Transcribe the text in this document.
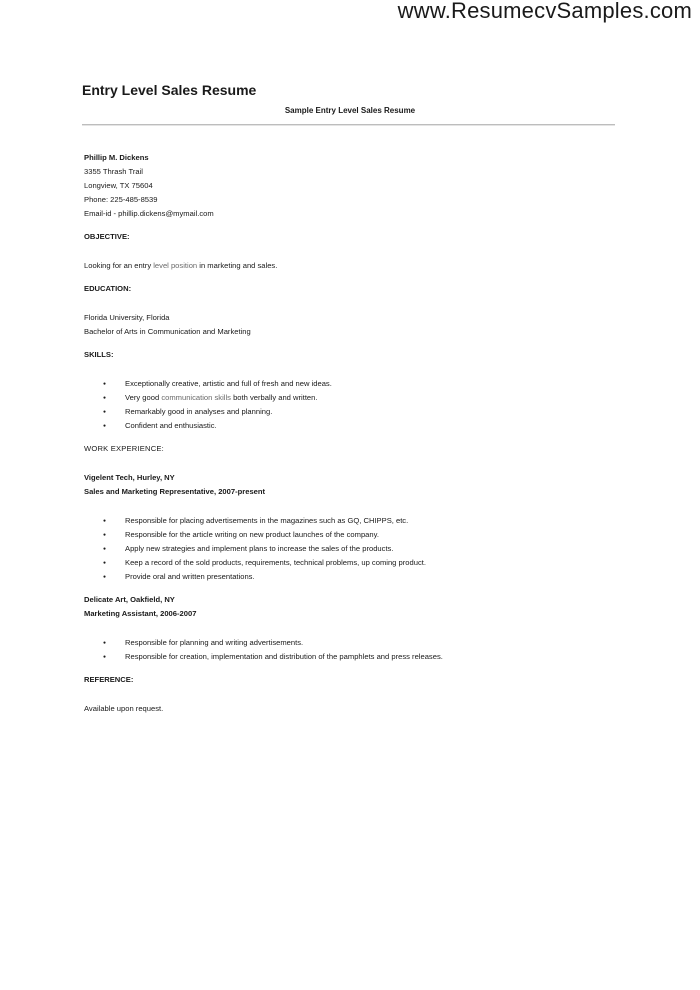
www.ResumecvSamples.com
Entry Level Sales Resume
Sample Entry Level Sales Resume
Phillip M. Dickens
3355 Thrash Trail
Longview, TX 75604
Phone: 225-485-8539
Email-id - phillip.dickens@mymail.com
OBJECTIVE:
Looking for an entry level position in marketing and sales.
EDUCATION:
Florida University, Florida
Bachelor of Arts in Communication and Marketing
SKILLS:
● Exceptionally creative, artistic and full of fresh and new ideas.
● Very good communication skills both verbally and written.
● Remarkably good in analyses and planning.
● Confident and enthusiastic.
WORK EXPERIENCE:
Vigelent Tech, Hurley, NY
Sales and Marketing Representative, 2007-present
● Responsible for placing advertisements in the magazines such as GQ, CHIPPS, etc.
● Responsible for the article writing on new product launches of the company.
● Apply new strategies and implement plans to increase the sales of the products.
● Keep a record of the sold products, requirements, technical problems, up coming product.
● Provide oral and written presentations.
Delicate Art, Oakfield, NY
Marketing Assistant, 2006-2007
● Responsible for planning and writing advertisements.
● Responsible for creation, implementation and distribution of the pamphlets and press releases.
REFERENCE:
Available upon request.
